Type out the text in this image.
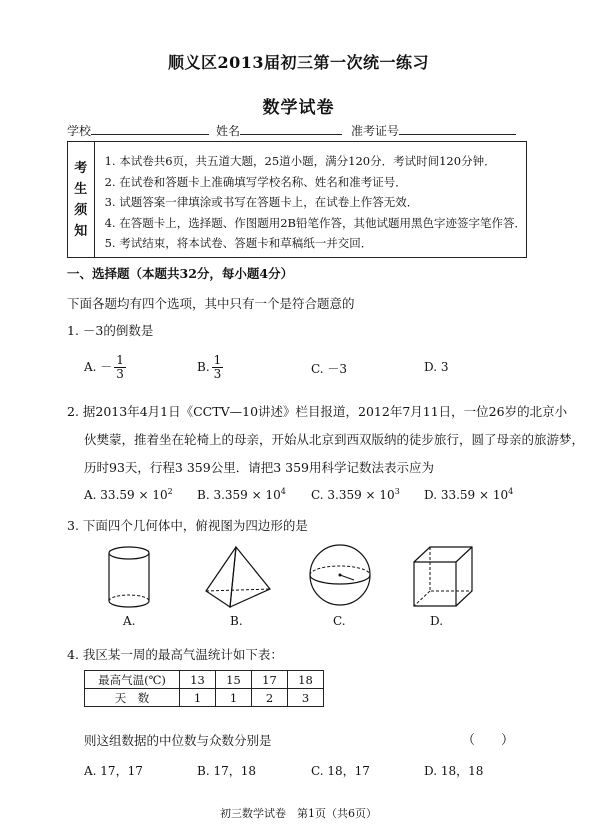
顺义区2013届初三第一次统一练习
数学试卷
学校	姓名	准考证号
考
生
须
知
1. 本试卷共6页，共五道大题，25道小题，满分120分．考试时间120分钟．
2. 在试卷和答题卡上准确填写学校名称、姓名和准考证号．
3. 试题答案一律填涂或书写在答题卡上，在试卷上作答无效．
4. 在答题卡上，选择题、作图题用2B铅笔作答，其他试题用黑色字迹签字笔作答．
5. 考试结束，将本试卷、答题卡和草稿纸一并交回．
一、选择题（本题共32分，每小题4分）
下面各题均有四个选项，其中只有一个是符合题意的
1. －3的倒数是
A. － $\frac{1}{3}$	B. $\frac{1}{3}$	C. －3	D. 3
2. 据2013年4月1日《CCTV—10讲述》栏目报道，2012年7月11日，一位26岁的北京小
伙樊蒙，推着坐在轮椅上的母亲，开始从北京到西双版纳的徒步旅行，圆了母亲的旅游梦，
历时93天，行程3 359公里．请把3 359用科学记数法表示应为
A. $33.59 \times 10^2$ B. $3.359 \times 10^4$ C. $3.359 \times 10^3$ D. $33.59 \times 10^4$
3. 下面四个几何体中，俯视图为四边形的是
A.	B.	C.	D.
4. 我区某一周的最高气温统计如下表：
最高气温(℃)	13	15	17	18
天　数	1	1	2	3
则这组数据的中位数与众数分别是	（　　）
A. 17，17	B. 17，18	C. 18，17	D. 18，18
初三数学试卷　第1页（共6页）
